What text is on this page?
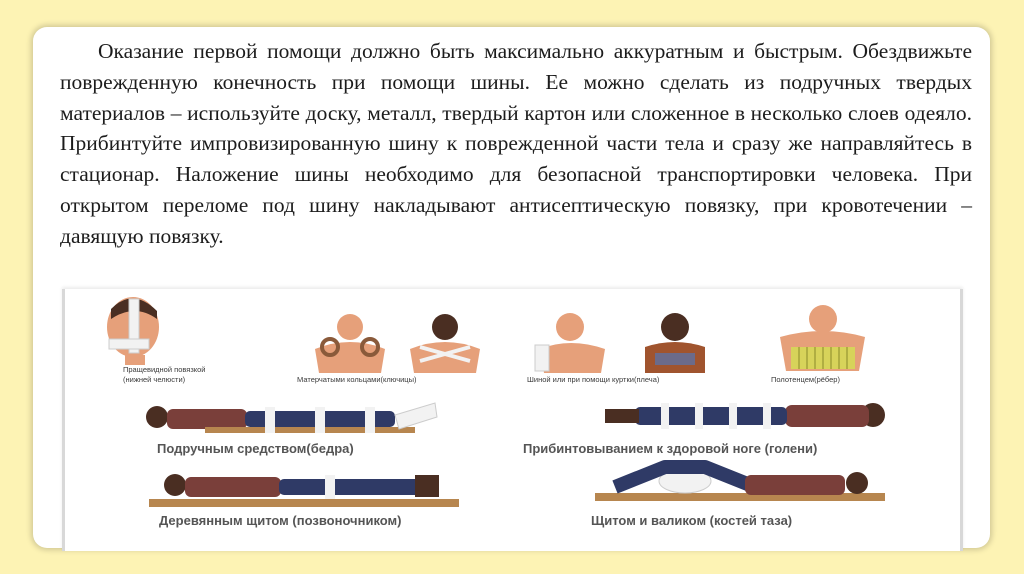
Оказание первой помощи должно быть максимально аккуратным и быстрым. Обездвижьте поврежденную конечность при помощи шины. Ее можно сделать из подручных твердых материалов – используйте доску, металл, твердый картон или сложенное в несколько слоев одеяло. Прибинтуйте импровизированную шину к поврежденной части тела и сразу же направляйтесь в стационар. Наложение шины необходимо для безопасной транспортировки человека. При открытом переломе под шину накладывают антисептическую повязку, при кровотечении – давящую повязку.

Пращевидной повязкой
(нижней челюсти)	Матерчатыми кольцами(ключицы)	Шиной или при помощи куртки(плеча)	Полотенцем(рёбер)
Подручным средством(бедра)	Прибинтовыванием к здоровой ноге (голени)
Деревянным щитом (позвоночником)	Щитом и валиком (костей таза)
